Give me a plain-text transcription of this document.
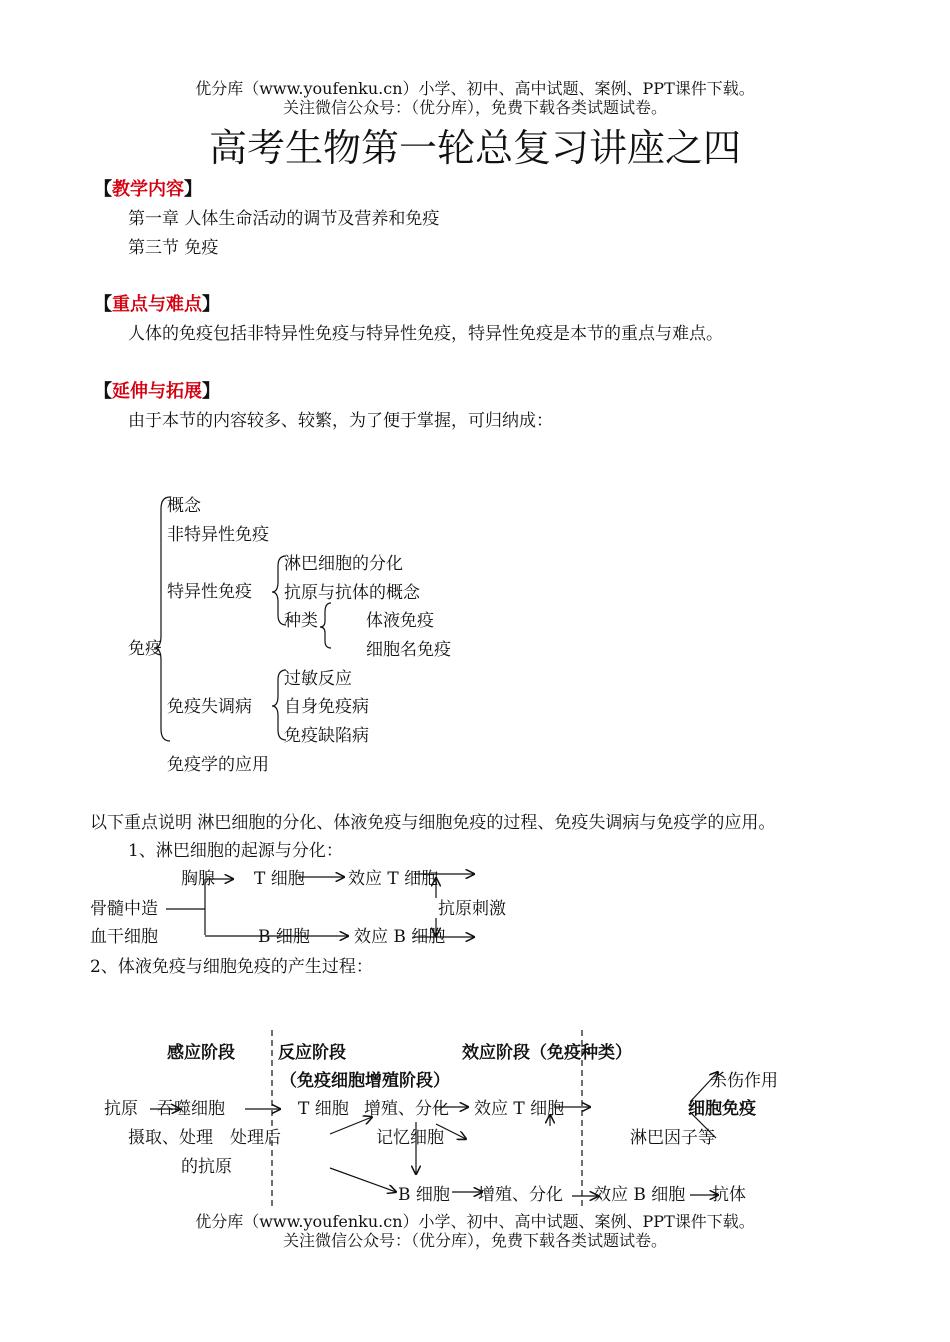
优分库（www.youfenku.cn）小学、初中、高中试题、案例、PPT课件下载。
关注微信公众号：（优分库），免费下载各类试题试卷。
高考生物第一轮总复习讲座之四
【教学内容】
第一章 人体生命活动的调节及营养和免疫
第三节 免疫
【重点与难点】
人体的免疫包括非特异性免疫与特异性免疫，特异性免疫是本节的重点与难点。
【延伸与拓展】
由于本节的内容较多、较繁，为了便于掌握，可归纳成：
免疫
概念
非特异性免疫
特异性免疫
淋巴细胞的分化
抗原与抗体的概念
种类	体液免疫
细胞名免疫
免疫失调病
过敏反应
自身免疫病
免疫缺陷病
免疫学的应用
以下重点说明 淋巴细胞的分化、体液免疫与细胞免疫的过程、免疫失调病与免疫学的应用。
1、淋巴细胞的起源与分化：
胸腺 T 细胞	效应 T 细胞
骨髓中造
血干细胞
抗原刺激
B 细胞	效应 B 细胞
2、体液免疫与细胞免疫的产生过程：
感应阶段	反应阶段
（免疫细胞增殖阶段）
效应阶段（免疫种类）
杀伤作用
抗原 吞噬细胞	T 细胞 增殖、分化 效应 T 细胞	细胞免疫
摄取、处理 处理后	记忆细胞	淋巴因子等
的抗原
B 细胞 增殖、分化 效应 B 细胞 抗体
优分库（www.youfenku.cn）小学、初中、高中试题、案例、PPT课件下载。
关注微信公众号：（优分库），免费下载各类试题试卷。
